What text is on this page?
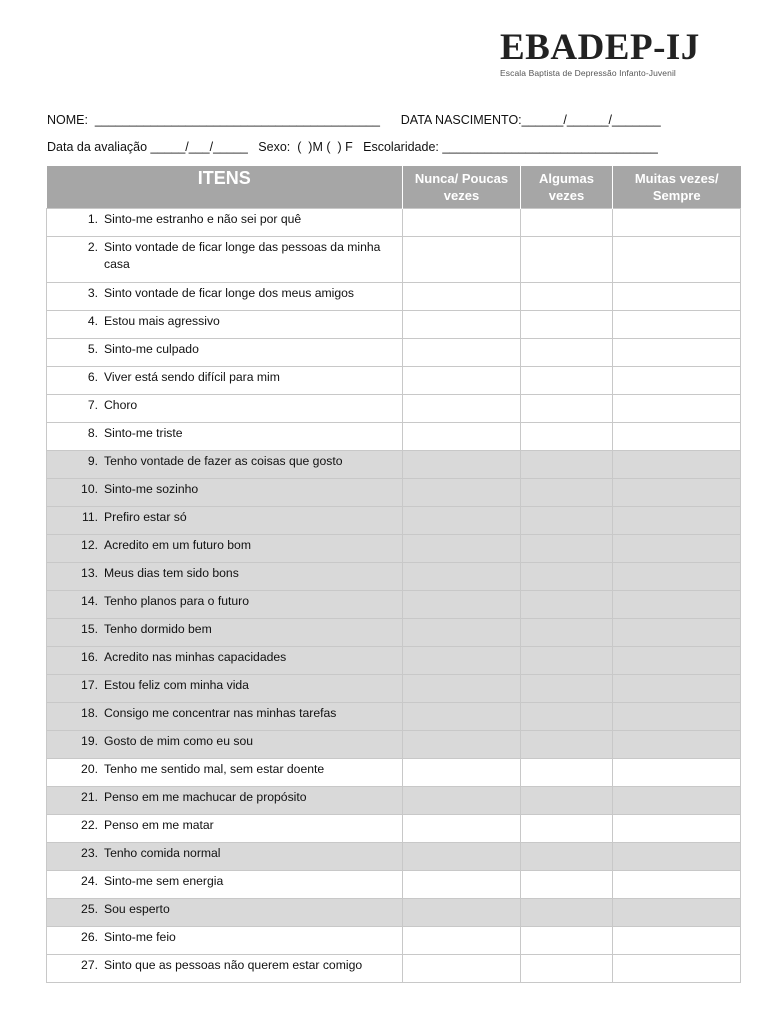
EBADEP-IJ
Escala Baptista de Depressão Infanto-Juvenil
NOME:  _________________________________________      DATA NASCIMENTO:______/______/_______
Data da avaliação _____/___/_____   Sexo:  (  )M (  ) F   Escolaridade: _______________________________
ITENS	Nunca/ Poucas vezes	Algumas vezes	Muitas vezes/ Sempre

1. Sinto-me estranho e não sei por quê			

2. Sinto vontade de ficar longe das pessoas da minha casa			

3. Sinto vontade de ficar longe dos meus amigos			

4. Estou mais agressivo			

5. Sinto-me culpado			

6. Viver está sendo difícil para mim			

7. Choro			

8. Sinto-me triste			

9. Tenho vontade de fazer as coisas que gosto			

10. Sinto-me sozinho			

11. Prefiro estar só			

12. Acredito em um futuro bom			

13. Meus dias tem sido bons			

14. Tenho planos para o futuro			

15. Tenho dormido bem			

16. Acredito nas minhas capacidades			

17. Estou feliz com minha vida			

18. Consigo me concentrar nas minhas tarefas			

19. Gosto de mim como eu sou			

20. Tenho me sentido mal, sem estar doente			

21. Penso em me machucar de propósito			

22. Penso em me matar			

23. Tenho comida normal			

24. Sinto-me sem energia			

25. Sou esperto			

26. Sinto-me feio			

27. Sinto que as pessoas não querem estar comigo			
